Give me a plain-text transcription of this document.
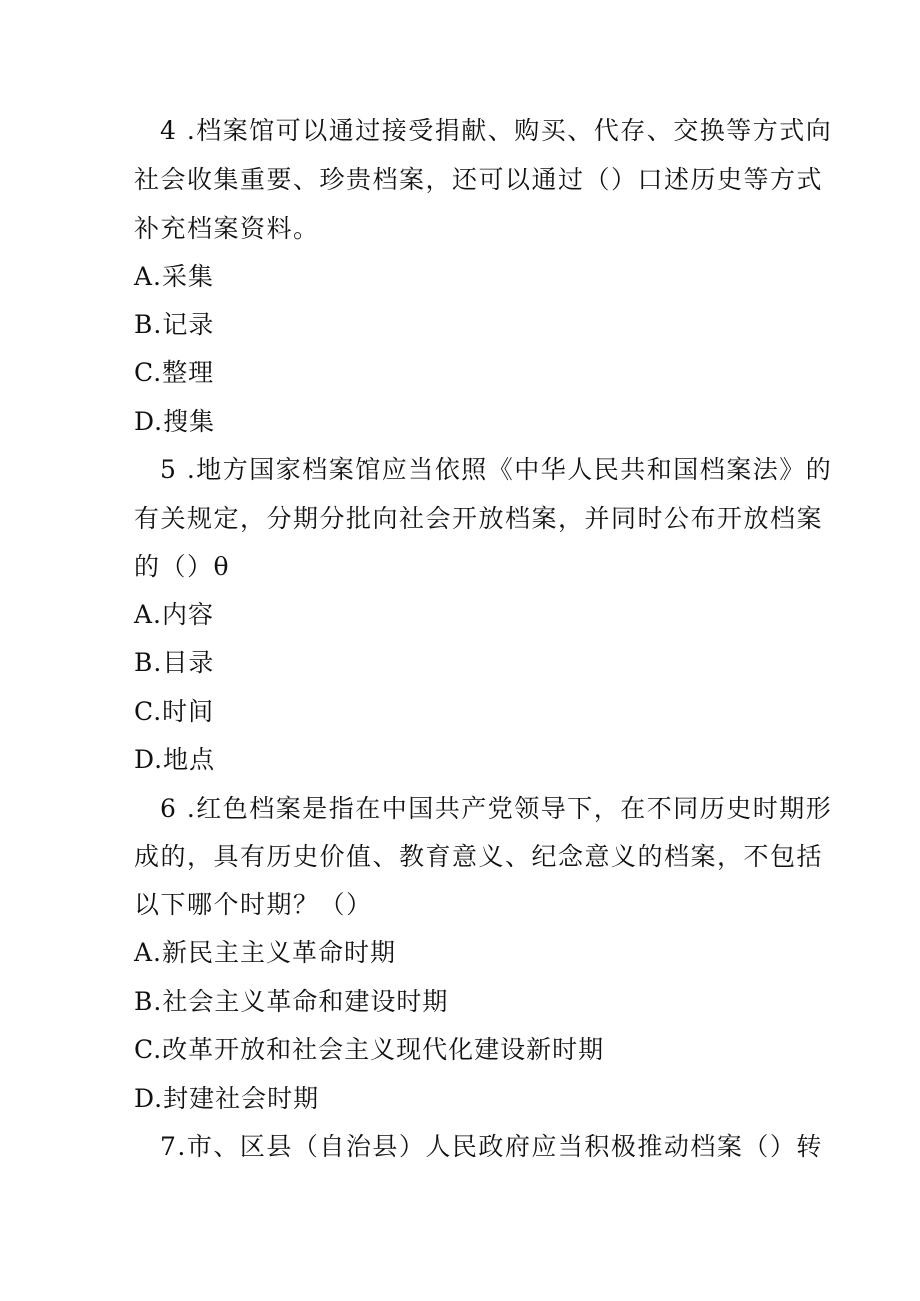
4 .档案馆可以通过接受捐献、购买、代存、交换等方式向
社会收集重要、珍贵档案，还可以通过（）口述历史等方式
补充档案资料。
A.采集
B.记录
C.整理
D.搜集
5 .地方国家档案馆应当依照《中华人民共和国档案法》的
有关规定，分期分批向社会开放档案，并同时公布开放档案
的（）θ
A.内容
B.目录
C.时间
D.地点
6 .红色档案是指在中国共产党领导下，在不同历史时期形
成的，具有历史价值、教育意义、纪念意义的档案，不包括
以下哪个时期？（）
A.新民主主义革命时期
B.社会主义革命和建设时期
C.改革开放和社会主义现代化建设新时期
D.封建社会时期
7.市、区县（自治县）人民政府应当积极推动档案（）转
